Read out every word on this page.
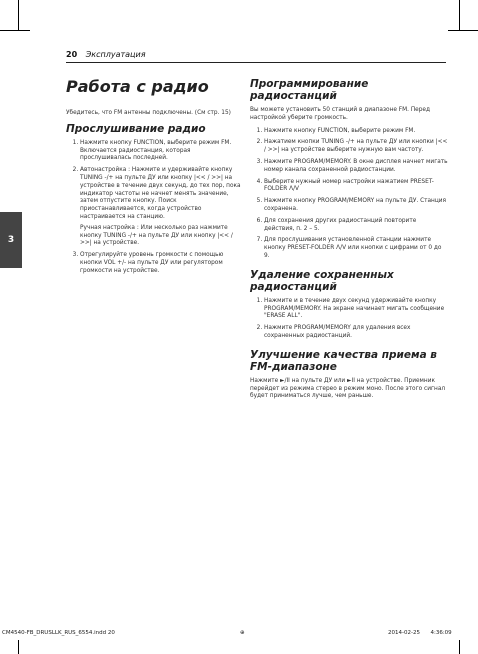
20 Эксплуатация
3
Работа с радио

Убедитесь, что FM антенны подключены. (См стр. 15)

Прослушивание радио
1. Нажмите кнопку FUNCTION, выберите режим FM. Включается радиостанция, которая прослушивалась последней.
2. Автонастройка : Нажмите и удерживайте кнопку TUNING -/+ на пульте ДУ или кнопку |<< / >>| на устройстве в течение двух секунд, до тех пор, пока индикатор частоты не начнет менять значение, затем отпустите кнопку. Поиск приостанавливается, когда устройство настраивается на станцию.
Ручная настройка : Или несколько раз нажмите кнопку TUNING -/+ на пульте ДУ или кнопку |<< / >>| на устройстве.
3. Отрегулируйте уровень громкости с помощью кнопки VOL +/- на пульте ДУ или регулятором громкости на устройстве.
Программирование радиостанций

Вы можете установить 50 станций в диапазоне FM. Перед настройкой уберите громкость.

1. Нажмите кнопку FUNCTION, выберите режим FM.
2. Нажатием кнопки TUNING -/+ на пульте ДУ или кнопки |<< / >>| на устройстве выберите нужную вам частоту.
3. Нажмите PROGRAM/MEMORY. В окне дисплея начнет мигать номер канала сохраненной радиостанции.
4. Выберите нужный номер настройки нажатием PRESET-FOLDER Λ/V
5. Нажмите кнопку PROGRAM/MEMORY на пульте ДУ. Станция сохранена.
6. Для сохранения других радиостанций повторите действия, п. 2 – 5.
7. Для прослушивания установленной станции нажмите кнопку PRESET-FOLDER Λ/V или кнопки с цифрами от 0 до 9.
Удаление сохраненных радиостанций
1. Нажмите и в течение двух секунд удерживайте кнопку PROGRAM/MEMORY. На экране начинает мигать сообщение "ERASE ALL".
2. Нажмите PROGRAM/MEMORY для удаления всех сохраненных радиостанций.
Улучшение качества приема в FM-диапазоне

Нажмите ►/II на пульте ДУ или ►II на устройстве. Приемник перейдет из режима стерео в режим моно. После этого сигнал будет приниматься лучше, чем раньше.

CM4540-FB_DRUSLLK_RUS_6554.indd 20	⊕	2014-02-25 4:36:09
